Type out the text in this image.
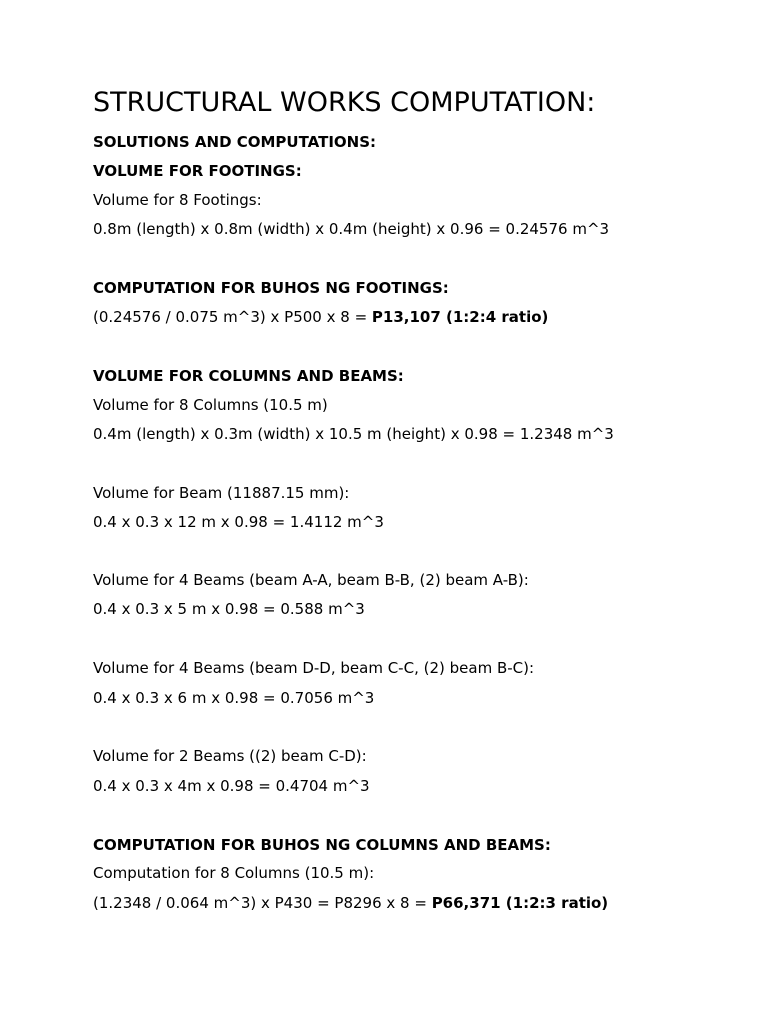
STRUCTURAL WORKS COMPUTATION:

SOLUTIONS AND COMPUTATIONS:

VOLUME FOR FOOTINGS:

Volume for 8 Footings:

0.8m (length) x 0.8m (width) x 0.4m (height) x 0.96 = 0.24576 m^3

COMPUTATION FOR BUHOS NG FOOTINGS:

(0.24576 / 0.075 m^3) x P500 x 8 = P13,107 (1:2:4 ratio)

VOLUME FOR COLUMNS AND BEAMS:

Volume for 8 Columns (10.5 m)

0.4m (length) x 0.3m (width) x 10.5 m (height) x 0.98 = 1.2348 m^3

Volume for Beam (11887.15 mm):

0.4 x 0.3 x 12 m x 0.98 = 1.4112 m^3

Volume for 4 Beams (beam A-A, beam B-B, (2) beam A-B):

0.4 x 0.3 x 5 m x 0.98 = 0.588 m^3

Volume for 4 Beams (beam D-D, beam C-C, (2) beam B-C):

0.4 x 0.3 x 6 m x 0.98 = 0.7056 m^3

Volume for 2 Beams ((2) beam C-D):

0.4 x 0.3 x 4m x 0.98 = 0.4704 m^3

COMPUTATION FOR BUHOS NG COLUMNS AND BEAMS:

Computation for 8 Columns (10.5 m):

(1.2348 / 0.064 m^3) x P430 = P8296 x 8 = P66,371 (1:2:3 ratio)
